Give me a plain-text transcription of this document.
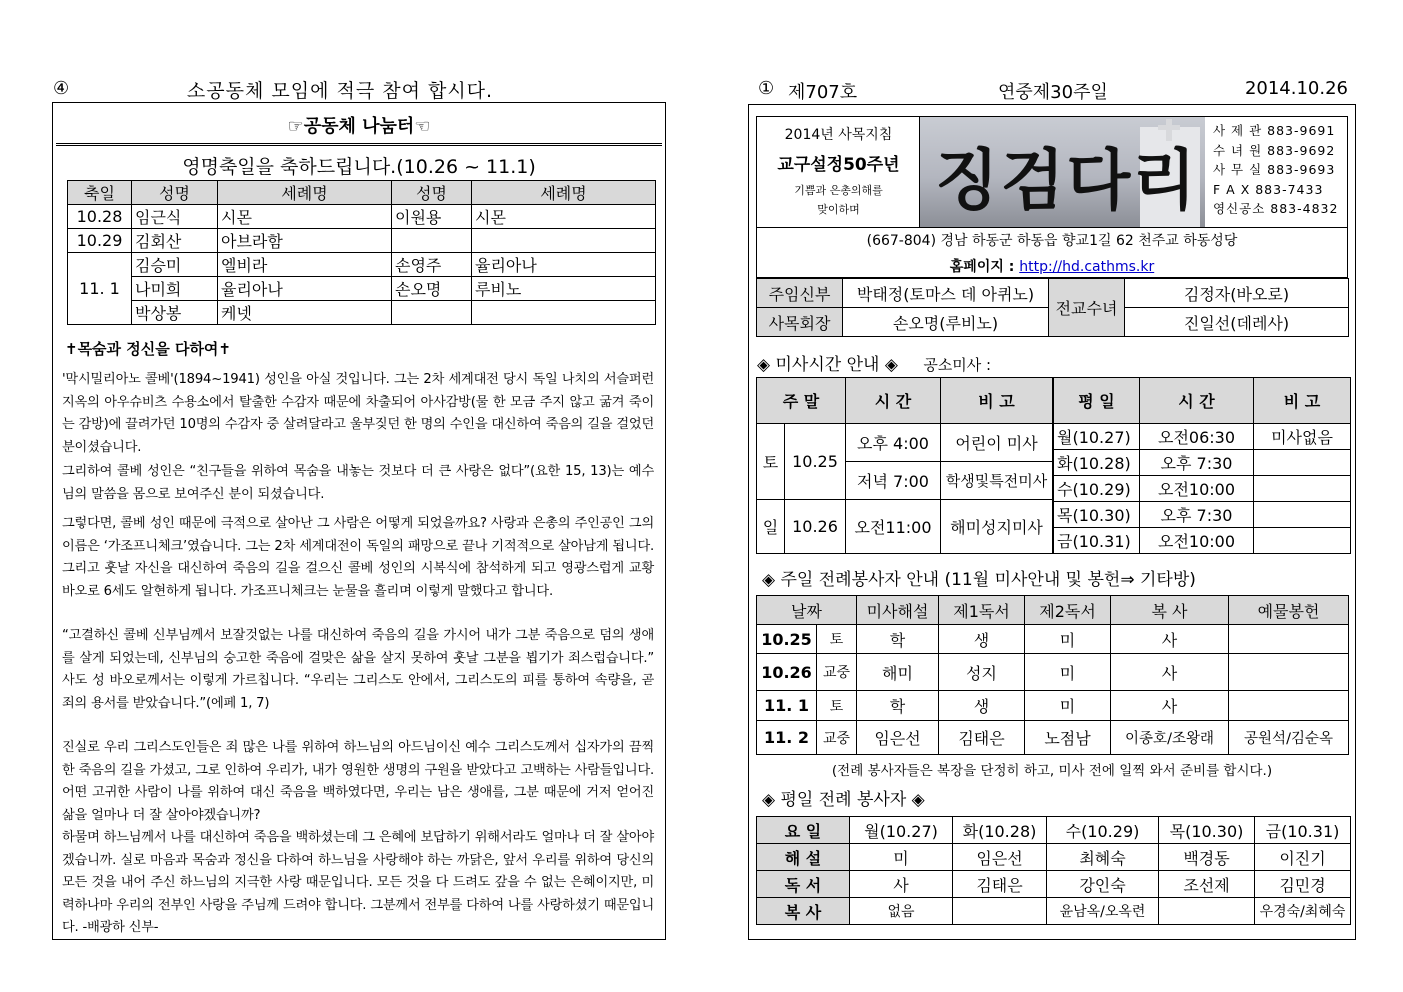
④	소공동체 모임에 적극 참여 합시다.
☞공동체 나눔터☜
영명축일을 축하드립니다.(10.26 ~ 11.1)
축일	성명	세례명	성명	세례명
10.28	임근식	시몬	이원용	시몬
10.29	김회산	아브라함		
11. 1	김승미	엘비라	손영주	율리아나
	나미희	율리아나	손오명	루비노
	박상봉	케넷		
✝목숨과 정신을 다하여✝

'막시밀리아노 콜베'(1894~1941) 성인을 아실 것입니다. 그는 2차 세계대전 당시 독일 나치의 서슬퍼런 지옥의 아우슈비츠 수용소에서 탈출한 수감자 때문에 차출되어 아사감방(물 한 모금 주지 않고 굶겨 죽이는 감방)에 끌려가던 10명의 수감자 중 살려달라고 울부짖던 한 명의 수인을 대신하여 죽음의 길을 걸었던 분이셨습니다.

그리하여 콜베 성인은 “친구들을 위하여 목숨을 내놓는 것보다 더 큰 사랑은 없다”(요한 15, 13)는 예수님의 말씀을 몸으로 보여주신 분이 되셨습니다.

그렇다면, 콜베 성인 때문에 극적으로 살아난 그 사람은 어떻게 되었을까요? 사랑과 은총의 주인공인 그의 이름은 ‘가조프니체크’였습니다. 그는 2차 세계대전이 독일의 패망으로 끝나 기적적으로 살아남게 됩니다. 그리고 훗날 자신을 대신하여 죽음의 길을 걸으신 콜베 성인의 시복식에 참석하게 되고 영광스럽게 교황 바오로 6세도 알현하게 됩니다. 가조프니체크는 눈물을 흘리며 이렇게 말했다고 합니다.

“고결하신 콜베 신부님께서 보잘것없는 나를 대신하여 죽음의 길을 가시어 내가 그분 죽음으로 덤의 생애를 살게 되었는데, 신부님의 숭고한 죽음에 걸맞은 삶을 살지 못하여 훗날 그분을 뵙기가 죄스럽습니다.” 사도 성 바오로께서는 이렇게 가르칩니다. “우리는 그리스도 안에서, 그리스도의 피를 통하여 속량을, 곧 죄의 용서를 받았습니다.”(에페 1, 7)

진실로 우리 그리스도인들은 죄 많은 나를 위하여 하느님의 아드님이신 예수 그리스도께서 십자가의 끔찍한 죽음의 길을 가셨고, 그로 인하여 우리가, 내가 영원한 생명의 구원을 받았다고 고백하는 사람들입니다. 어떤 고귀한 사람이 나를 위하여 대신 죽음을 백하였다면, 우리는 남은 생애를, 그분 때문에 거저 얻어진 삶을 얼마나 더 잘 살아야겠습니까?

하물며 하느님께서 나를 대신하여 죽음을 백하셨는데 그 은혜에 보답하기 위해서라도 얼마나 더 잘 살아야겠습니까. 실로 마음과 목숨과 정신을 다하여 하느님을 사랑해야 하는 까닭은, 앞서 우리를 위하여 당신의 모든 것을 내어 주신 하느님의 지극한 사랑 때문입니다. 모든 것을 다 드려도 갚을 수 없는 은혜이지만, 미력하나마 우리의 전부인 사랑을 주님께 드려야 합니다. 그분께서 전부를 다하여 나를 사랑하셨기 때문입니다. -배광하 신부-

① 제707호	연중제30주일	2014.10.26
2014년 사목지침
교구설정50주년
기쁨과 은총의해를
맞이하며	징검다리
사 제 관 883-9691
수 녀 원 883-9692
사 무 실 883-9693
F A X 883-7433
영신공소 883-4832
(667-804) 경남 하동군 하동읍 향교1길 62 천주교 하동성당
홈페이지 : http://hd.cathms.kr
주임신부	박태정(토마스 데 아퀴노)	전교수녀	김정자(바오로)
사목회장	손오명(루비노)		진일선(데레사)
◈ 미사시간 안내 ◈ 공소미사 :
주 말		시 간	비 고
토	10.25	오후 4:00	어린이 미사
		저녁 7:00	학생및특전미사
일	10.26	오전11:00	해미성지미사
평 일	시 간	비 고
월(10.27)	오전06:30	미사없음
화(10.28)	오후 7:30	
수(10.29)	오전10:00	
목(10.30)	오후 7:30	
금(10.31)	오전10:00	
◈ 주일 전례봉사자 안내 (11월 미사안내 및 봉헌⇒ 기타방)
날짜		미사해설	제1독서	제2독서	복 사	예물봉헌
10.25	토	학	생	미	사	
10.26	교중	해미	성지	미	사	
11. 1	토	학	생	미	사	
11. 2	교중	임은선	김태은	노점남	이종호/조왕래	공원석/김순옥
(전례 봉사자들은 복장을 단정히 하고, 미사 전에 일찍 와서 준비를 합시다.)
◈ 평일 전례 봉사자 ◈
요 일	월(10.27)	화(10.28)	수(10.29)	목(10.30)	금(10.31)
해 설	미	임은선	최혜숙	백경동	이진기
독 서	사	김태은	강인숙	조선제	김민경
복 사	없음		윤남옥/오옥련		우경숙/최혜숙
